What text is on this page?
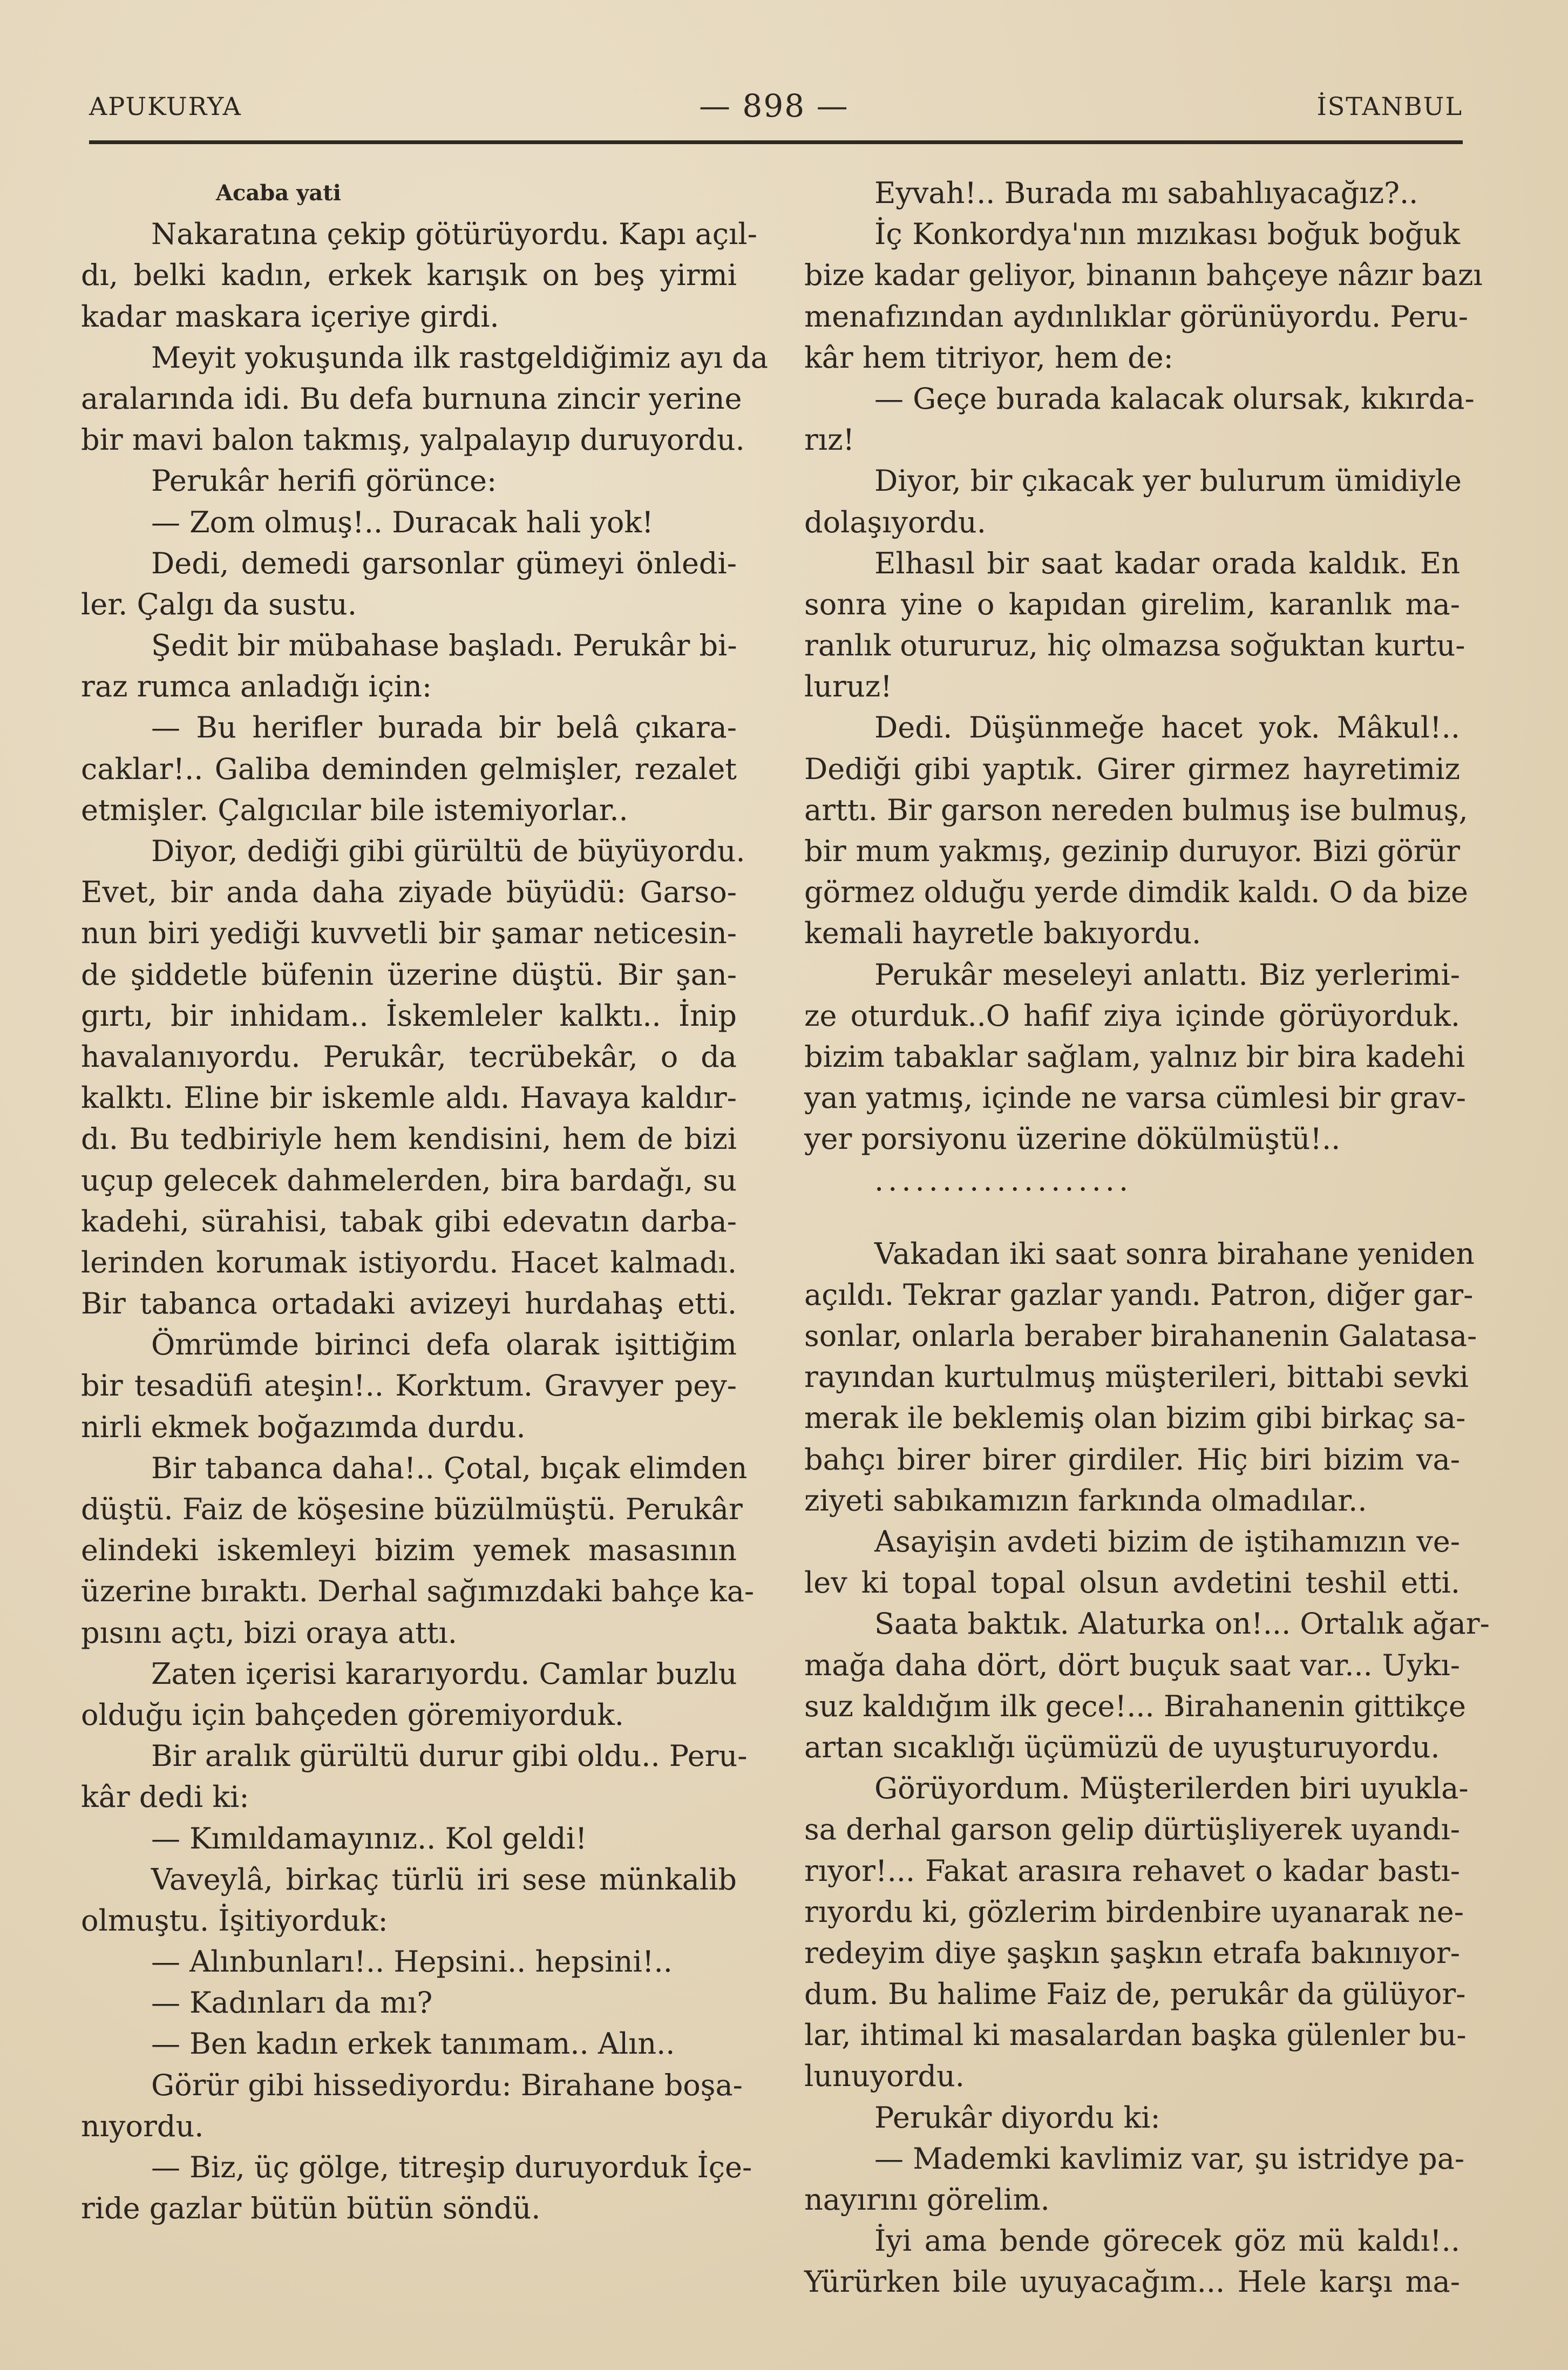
APUKURYA	— 898 —	İSTANBUL
Acaba yati
Nakaratına çekip götürüyordu. Kapı açıl-
dı, belki kadın, erkek karışık on beş yirmi
kadar maskara içeriye girdi.
Meyit yokuşunda ilk rastgeldiğimiz ayı da
aralarında idi. Bu defa burnuna zincir yerine
bir mavi balon takmış, yalpalayıp duruyordu.
Perukâr herifi görünce:
— Zom olmuş!.. Duracak hali yok!
Dedi, demedi garsonlar gümeyi önledi-
ler. Çalgı da sustu.
Şedit bir mübahase başladı. Perukâr bi-
raz rumca anladığı için:
— Bu herifler burada bir belâ çıkara-
caklar!.. Galiba deminden gelmişler, rezalet
etmişler. Çalgıcılar bile istemiyorlar..
Diyor, dediği gibi gürültü de büyüyordu.
Evet, bir anda daha ziyade büyüdü: Garso-
nun biri yediği kuvvetli bir şamar neticesin-
de şiddetle büfenin üzerine düştü. Bir şan-
gırtı, bir inhidam.. İskemleler kalktı.. İnip
havalanıyordu. Perukâr, tecrübekâr, o da
kalktı. Eline bir iskemle aldı. Havaya kaldır-
dı. Bu tedbiriyle hem kendisini, hem de bizi
uçup gelecek dahmelerden, bira bardağı, su
kadehi, sürahisi, tabak gibi edevatın darba-
lerinden korumak istiyordu. Hacet kalmadı.
Bir tabanca ortadaki avizeyi hurdahaş etti.
Ömrümde birinci defa olarak işittiğim
bir tesadüfi ateşin!.. Korktum. Gravyer pey-
nirli ekmek boğazımda durdu.
Bir tabanca daha!.. Çotal, bıçak elimden
düştü. Faiz de köşesine büzülmüştü. Perukâr
elindeki iskemleyi bizim yemek masasının
üzerine bıraktı. Derhal sağımızdaki bahçe ka-
pısını açtı, bizi oraya attı.
Zaten içerisi kararıyordu. Camlar buzlu
olduğu için bahçeden göremiyorduk.
Bir aralık gürültü durur gibi oldu.. Peru-
kâr dedi ki:
— Kımıldamayınız.. Kol geldi!
Vaveylâ, birkaç türlü iri sese münkalib
olmuştu. İşitiyorduk:
— Alınbunları!.. Hepsini.. hepsini!..
— Kadınları da mı?
— Ben kadın erkek tanımam.. Alın..
Görür gibi hissediyordu: Birahane boşa-
nıyordu.
— Biz, üç gölge, titreşip duruyorduk İçe-
ride gazlar bütün bütün söndü.
Eyvah!.. Burada mı sabahlıyacağız?..
İç Konkordya'nın mızıkası boğuk boğuk
bize kadar geliyor, binanın bahçeye nâzır bazı
menafızından aydınlıklar görünüyordu. Peru-
kâr hem titriyor, hem de:
— Geçe burada kalacak olursak, kıkırda-
rız!
Diyor, bir çıkacak yer bulurum ümidiyle
dolaşıyordu.
Elhasıl bir saat kadar orada kaldık. En
sonra yine o kapıdan girelim, karanlık ma-
ranlık otururuz, hiç olmazsa soğuktan kurtu-
luruz!
Dedi. Düşünmeğe hacet yok. Mâkul!..
Dediği gibi yaptık. Girer girmez hayretimiz
arttı. Bir garson nereden bulmuş ise bulmuş,
bir mum yakmış, gezinip duruyor. Bizi görür
görmez olduğu yerde dimdik kaldı. O da bize
kemali hayretle bakıyordu.
Perukâr meseleyi anlattı. Biz yerlerimi-
ze oturduk..O hafif ziya içinde görüyorduk.
bizim tabaklar sağlam, yalnız bir bira kadehi
yan yatmış, içinde ne varsa cümlesi bir grav-
yer porsiyonu üzerine dökülmüştü!..
...................
Vakadan iki saat sonra birahane yeniden
açıldı. Tekrar gazlar yandı. Patron, diğer gar-
sonlar, onlarla beraber birahanenin Galatasa-
rayından kurtulmuş müşterileri, bittabi sevki
merak ile beklemiş olan bizim gibi birkaç sa-
bahçı birer birer girdiler. Hiç biri bizim va-
ziyeti sabıkamızın farkında olmadılar..
Asayişin avdeti bizim de iştihamızın ve-
lev ki topal topal olsun avdetini teshil etti.
Saata baktık. Alaturka on!... Ortalık ağar-
mağa daha dört, dört buçuk saat var... Uykı-
suz kaldığım ilk gece!... Birahanenin gittikçe
artan sıcaklığı üçümüzü de uyuşturuyordu.
Görüyordum. Müşterilerden biri uyukla-
sa derhal garson gelip dürtüşliyerek uyandı-
rıyor!... Fakat arasıra rehavet o kadar bastı-
rıyordu ki, gözlerim birdenbire uyanarak ne-
redeyim diye şaşkın şaşkın etrafa bakınıyor-
dum. Bu halime Faiz de, perukâr da gülüyor-
lar, ihtimal ki masalardan başka gülenler bu-
lunuyordu.
Perukâr diyordu ki:
— Mademki kavlimiz var, şu istridye pa-
nayırını görelim.
İyi ama bende görecek göz mü kaldı!..
Yürürken bile uyuyacağım... Hele karşı ma-
